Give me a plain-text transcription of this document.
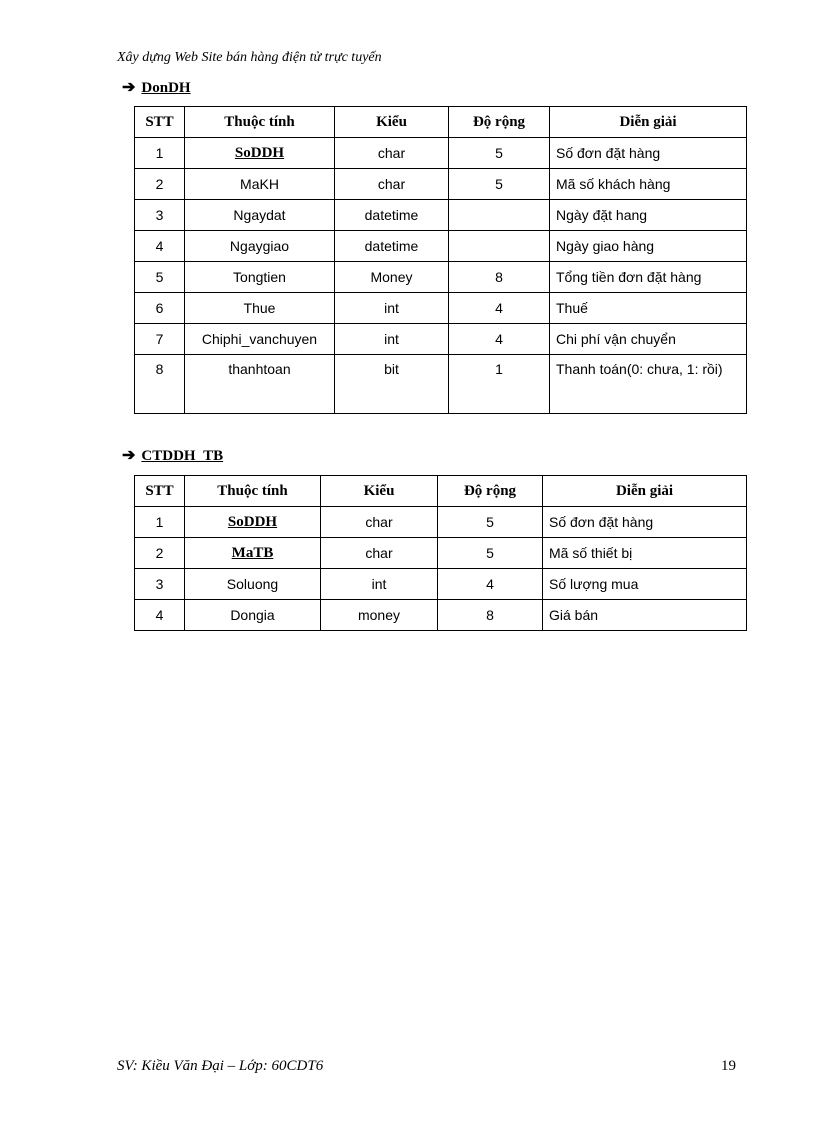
Xây dựng Web Site bán hàng điện tử trực tuyến
➔ DonDH
STT	Thuộc tính	Kiểu	Độ rộng	Diễn giải
1	SoDDH	char	5	Số đơn đặt hàng
2	MaKH	char	5	Mã số khách hàng
3	Ngaydat	datetime		Ngày đặt hang
4	Ngaygiao	datetime		Ngày giao hàng
5	Tongtien	Money	8	Tổng tiền đơn đặt hàng
6	Thue	int	4	Thuế
7	Chiphi_vanchuyen	int	4	Chi phí vận chuyển
8	thanhtoan	bit	1	Thanh toán(0: chưa, 1: rồi)
➔ CTDDH_TB
STT	Thuộc tính	Kiểu	Độ rộng	Diễn giải
1	SoDDH	char	5	Số đơn đặt hàng
2	MaTB	char	5	Mã số thiết bị
3	Soluong	int	4	Số lượng mua
4	Dongia	money	8	Giá bán
SV: Kiều Văn Đại – Lớp: 60CDT6	19
